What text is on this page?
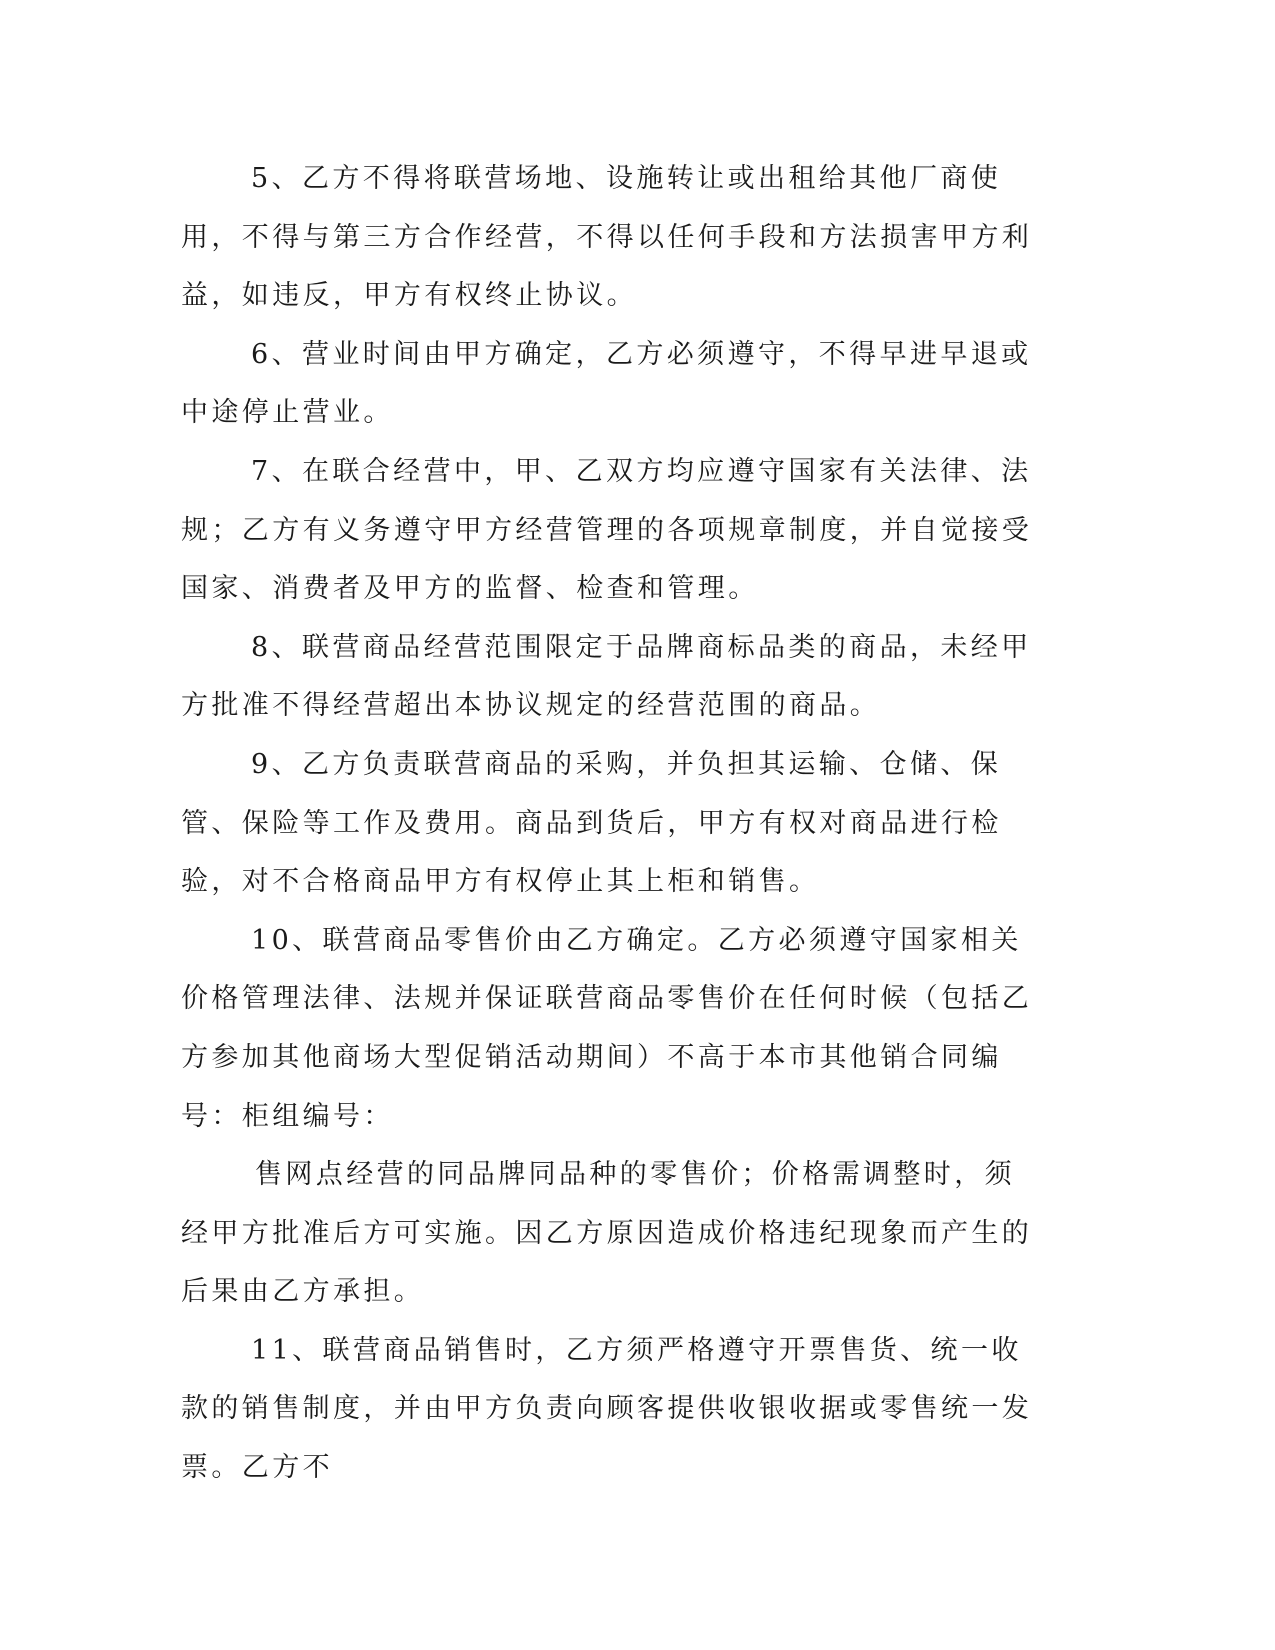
5、乙方不得将联营场地、设施转让或出租给其他厂商使用，不得与第三方合作经营，不得以任何手段和方法损害甲方利益，如违反，甲方有权终止协议。

6、营业时间由甲方确定，乙方必须遵守，不得早进早退或中途停止营业。

7、在联合经营中，甲、乙双方均应遵守国家有关法律、法规；乙方有义务遵守甲方经营管理的各项规章制度，并自觉接受国家、消费者及甲方的监督、检查和管理。

8、联营商品经营范围限定于品牌商标品类的商品，未经甲方批准不得经营超出本协议规定的经营范围的商品。

9、乙方负责联营商品的采购，并负担其运输、仓储、保管、保险等工作及费用。商品到货后，甲方有权对商品进行检验，对不合格商品甲方有权停止其上柜和销售。

10、联营商品零售价由乙方确定。乙方必须遵守国家相关价格管理法律、法规并保证联营商品零售价在任何时候（包括乙方参加其他商场大型促销活动期间）不高于本市其他销合同编号：柜组编号：

售网点经营的同品牌同品种的零售价；价格需调整时，须经甲方批准后方可实施。因乙方原因造成价格违纪现象而产生的后果由乙方承担。

11、联营商品销售时，乙方须严格遵守开票售货、统一收款的销售制度，并由甲方负责向顾客提供收银收据或零售统一发票。乙方不
